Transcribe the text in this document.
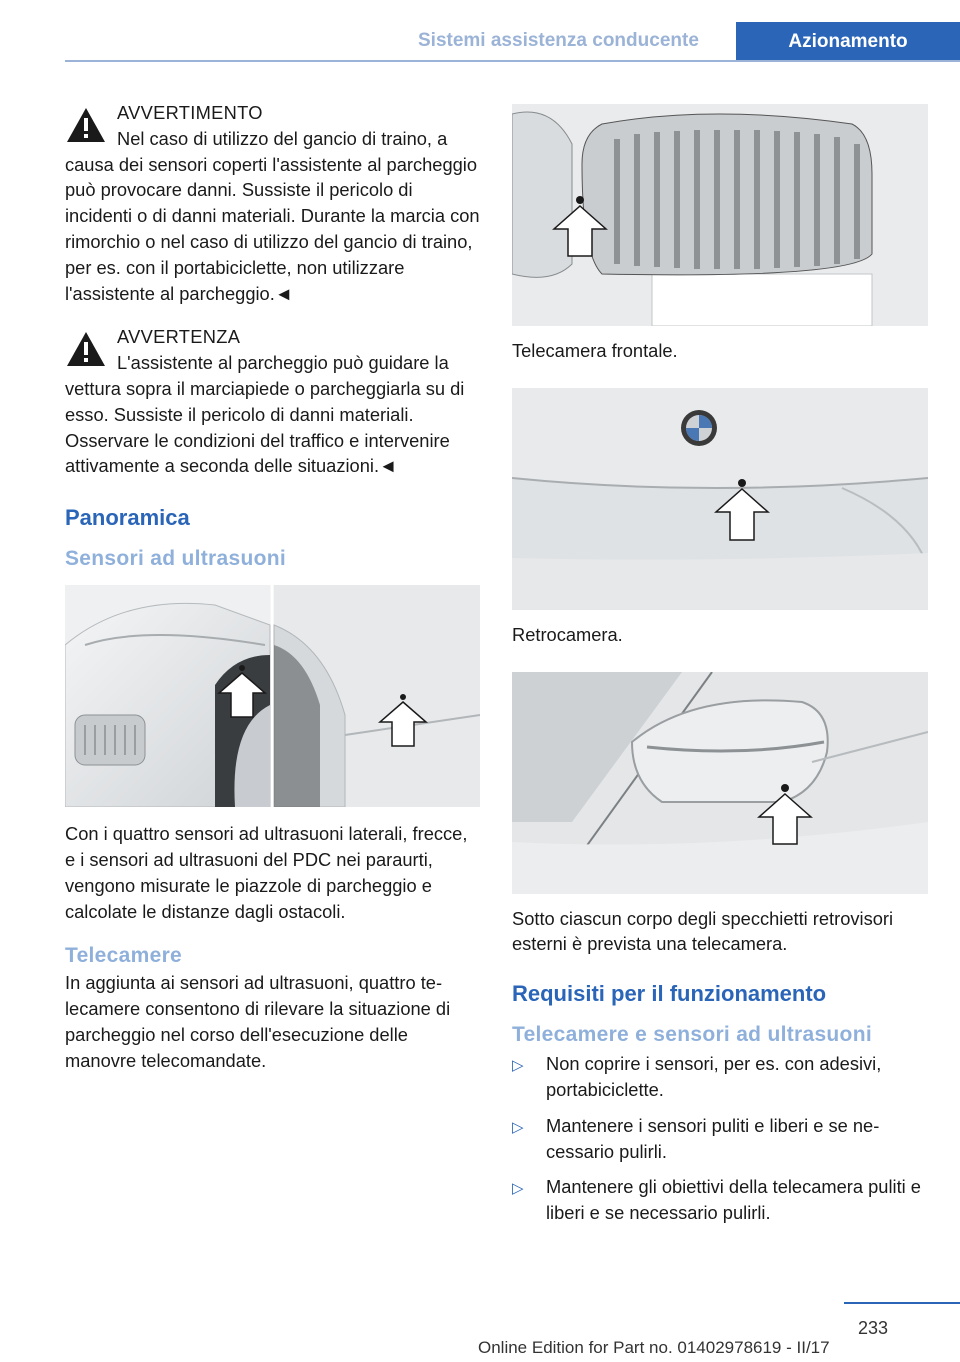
Sistemi assistenza conducente	Azionamento
AVVERTIMENTO
Nel caso di utilizzo del gancio di traino, a causa dei sensori coperti l'assistente al parcheggio può provocare danni. Sussiste il pericolo di incidenti o di danni materiali. Durante la marcia con rimorchio o nel caso di utilizzo del gancio di traino, per es. con il portabiciclette, non utilizzare l'assistente al parcheggio.◄
AVVERTENZA
L'assistente al parcheggio può guidare la vettura sopra il marciapiede o parcheggiarla su di esso. Sussiste il pericolo di danni materiali. Osservare le condizioni del traffico e intervenire attivamente a seconda delle situazioni.◄
Panoramica
Sensori ad ultrasuoni

Con i quattro sensori ad ultrasuoni laterali, frecce, e i sensori ad ultrasuoni del PDC nei paraurti, vengono misurate le piazzole di parcheggio e calcolate le distanze dagli ostacoli.

Telecamere

In aggiunta ai sensori ad ultrasuoni, quattro telecamere consentono di rilevare la situazione di parcheggio nel corso dell'esecuzione delle manovre telecomandate.

Telecamera frontale.
Retrocamera.
Sotto ciascun corpo degli specchietti retrovisori esterni è prevista una telecamera.
Requisiti per il funzionamento
Telecamere e sensori ad ultrasuoni
▷ Non coprire i sensori, per es. con adesivi, portabiciclette.
▷ Mantenere i sensori puliti e liberi e se necessario pulirli.
▷ Mantenere gli obiettivi della telecamera puliti e liberi e se necessario pulirli.
233
Online Edition for Part no. 01402978619 - II/17
